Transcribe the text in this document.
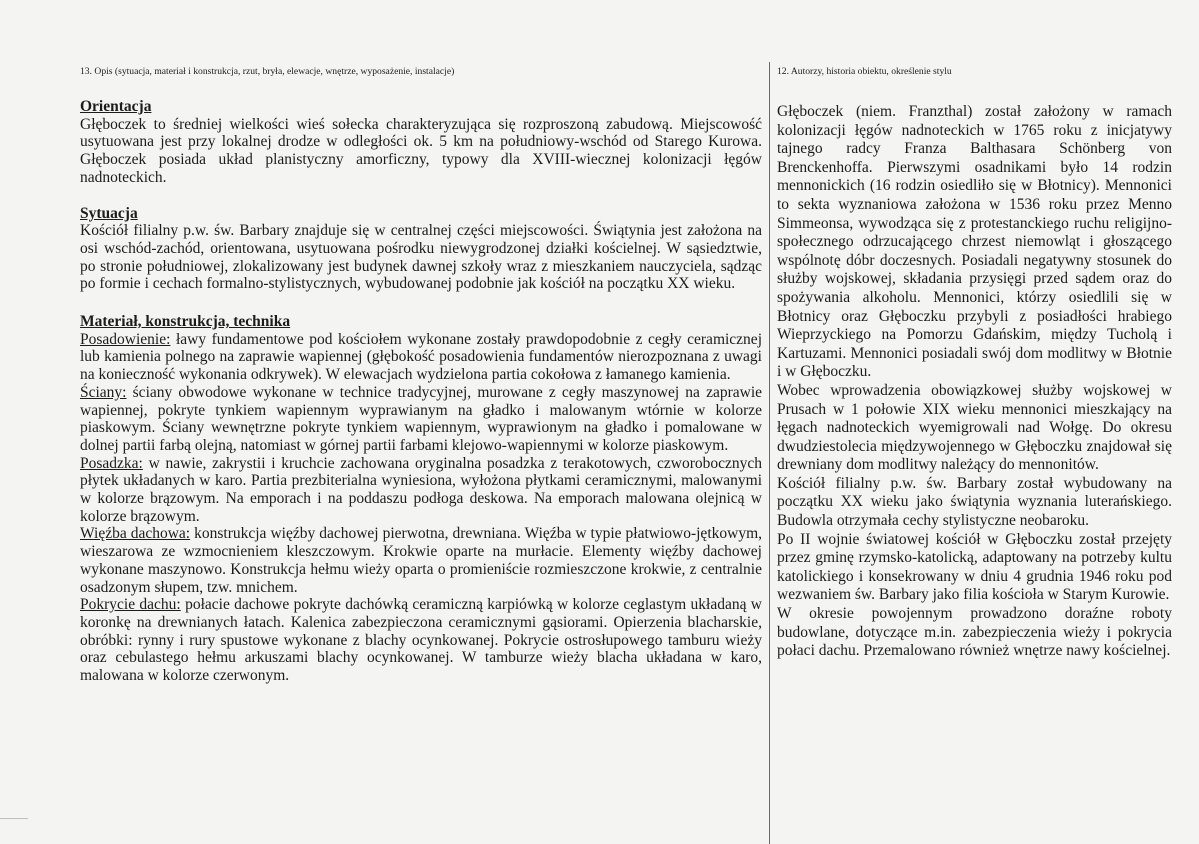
13. Opis (sytuacja, materiał i konstrukcja, rzut, bryła, elewacje, wnętrze, wyposażenie, instalacje)

Orientacja

Głęboczek to średniej wielkości wieś sołecka charakteryzująca się rozproszoną zabudową. Miejscowość usytuowana jest przy lokalnej drodze w odległości ok. 5 km na południowy-wschód od Starego Kurowa. Głęboczek posiada układ planistyczny amorficzny, typowy dla XVIII-wiecznej kolonizacji łęgów nadnoteckich.

Sytuacja

Kościół filialny p.w. św. Barbary znajduje się w centralnej części miejscowości. Świątynia jest założona na osi wschód-zachód, orientowana, usytuowana pośrodku niewygrodzonej działki kościelnej. W sąsiedztwie, po stronie południowej, zlokalizowany jest budynek dawnej szkoły wraz z mieszkaniem nauczyciela, sądząc po formie i cechach formalno-stylistycznych, wybudowanej podobnie jak kościół na początku XX wieku.

Materiał, konstrukcja, technika

Posadowienie: ławy fundamentowe pod kościołem wykonane zostały prawdopodobnie z cegły ceramicznej lub kamienia polnego na zaprawie wapiennej (głębokość posadowienia fundamentów nierozpoznana z uwagi na konieczność wykonania odkrywek). W elewacjach wydzielona partia cokołowa z łamanego kamienia.

Ściany: ściany obwodowe wykonane w technice tradycyjnej, murowane z cegły maszynowej na zaprawie wapiennej, pokryte tynkiem wapiennym wyprawianym na gładko i malowanym wtórnie w kolorze piaskowym. Ściany wewnętrzne pokryte tynkiem wapiennym, wyprawionym na gładko i pomalowane w dolnej partii farbą olejną, natomiast w górnej partii farbami klejowo-wapiennymi w kolorze piaskowym.

Posadzka: w nawie, zakrystii i kruchcie zachowana oryginalna posadzka z terakotowych, czworobocznych płytek układanych w karo. Partia prezbiterialna wyniesiona, wyłożona płytkami ceramicznymi, malowanymi w kolorze brązowym. Na emporach i na poddaszu podłoga deskowa. Na emporach malowana olejnicą w kolorze brązowym.

Więźba dachowa: konstrukcja więźby dachowej pierwotna, drewniana. Więźba w typie płatwiowo-jętkowym, wieszarowa ze wzmocnieniem kleszczowym. Krokwie oparte na murłacie. Elementy więźby dachowej wykonane maszynowo. Konstrukcja hełmu wieży oparta o promieniście rozmieszczone krokwie, z centralnie osadzonym słupem, tzw. mnichem.

Pokrycie dachu: połacie dachowe pokryte dachówką ceramiczną karpiówką w kolorze ceglastym układaną w koronkę na drewnianych łatach. Kalenica zabezpieczona ceramicznymi gąsiorami. Opierzenia blacharskie, obróbki: rynny i rury spustowe wykonane z blachy ocynkowanej. Pokrycie ostrosłupowego tamburu wieży oraz cebulastego hełmu arkuszami blachy ocynkowanej. W tamburze wieży blacha układana w karo, malowana w kolorze czerwonym.

12. Autorzy, historia obiektu, określenie stylu

Głęboczek (niem. Franzthal) został założony w ramach kolonizacji łęgów nadnoteckich w 1765 roku z inicjatywy tajnego radcy Franza Balthasara Schönberg von Brenckenhoffa. Pierwszymi osadnikami było 14 rodzin mennonickich (16 rodzin osiedliło się w Błotnicy). Mennonici to sekta wyznaniowa założona w 1536 roku przez Menno Simmeonsa, wywodząca się z protestanckiego ruchu religijno-społecznego odrzucającego chrzest niemowląt i głoszącego wspólnotę dóbr doczesnych. Posiadali negatywny stosunek do służby wojskowej, składania przysięgi przed sądem oraz do spożywania alkoholu. Mennonici, którzy osiedlili się w Błotnicy oraz Głęboczku przybyli z posiadłości hrabiego Wieprzyckiego na Pomorzu Gdańskim, między Tucholą i Kartuzami. Mennonici posiadali swój dom modlitwy w Błotnie i w Głęboczku.

Wobec wprowadzenia obowiązkowej służby wojskowej w Prusach w 1 połowie XIX wieku mennonici mieszkający na łęgach nadnoteckich wyemigrowali nad Wołgę. Do okresu dwudziestolecia międzywojennego w Głęboczku znajdował się drewniany dom modlitwy należący do mennonitów.

Kościół filialny p.w. św. Barbary został wybudowany na początku XX wieku jako świątynia wyznania luterańskiego. Budowla otrzymała cechy stylistyczne neobaroku.

Po II wojnie światowej kościół w Głęboczku został przejęty przez gminę rzymsko-katolicką, adaptowany na potrzeby kultu katolickiego i konsekrowany w dniu 4 grudnia 1946 roku pod wezwaniem św. Barbary jako filia kościoła w Starym Kurowie.

W okresie powojennym prowadzono doraźne roboty budowlane, dotyczące m.in. zabezpieczenia wieży i pokrycia połaci dachu. Przemalowano również wnętrze nawy kościelnej.
